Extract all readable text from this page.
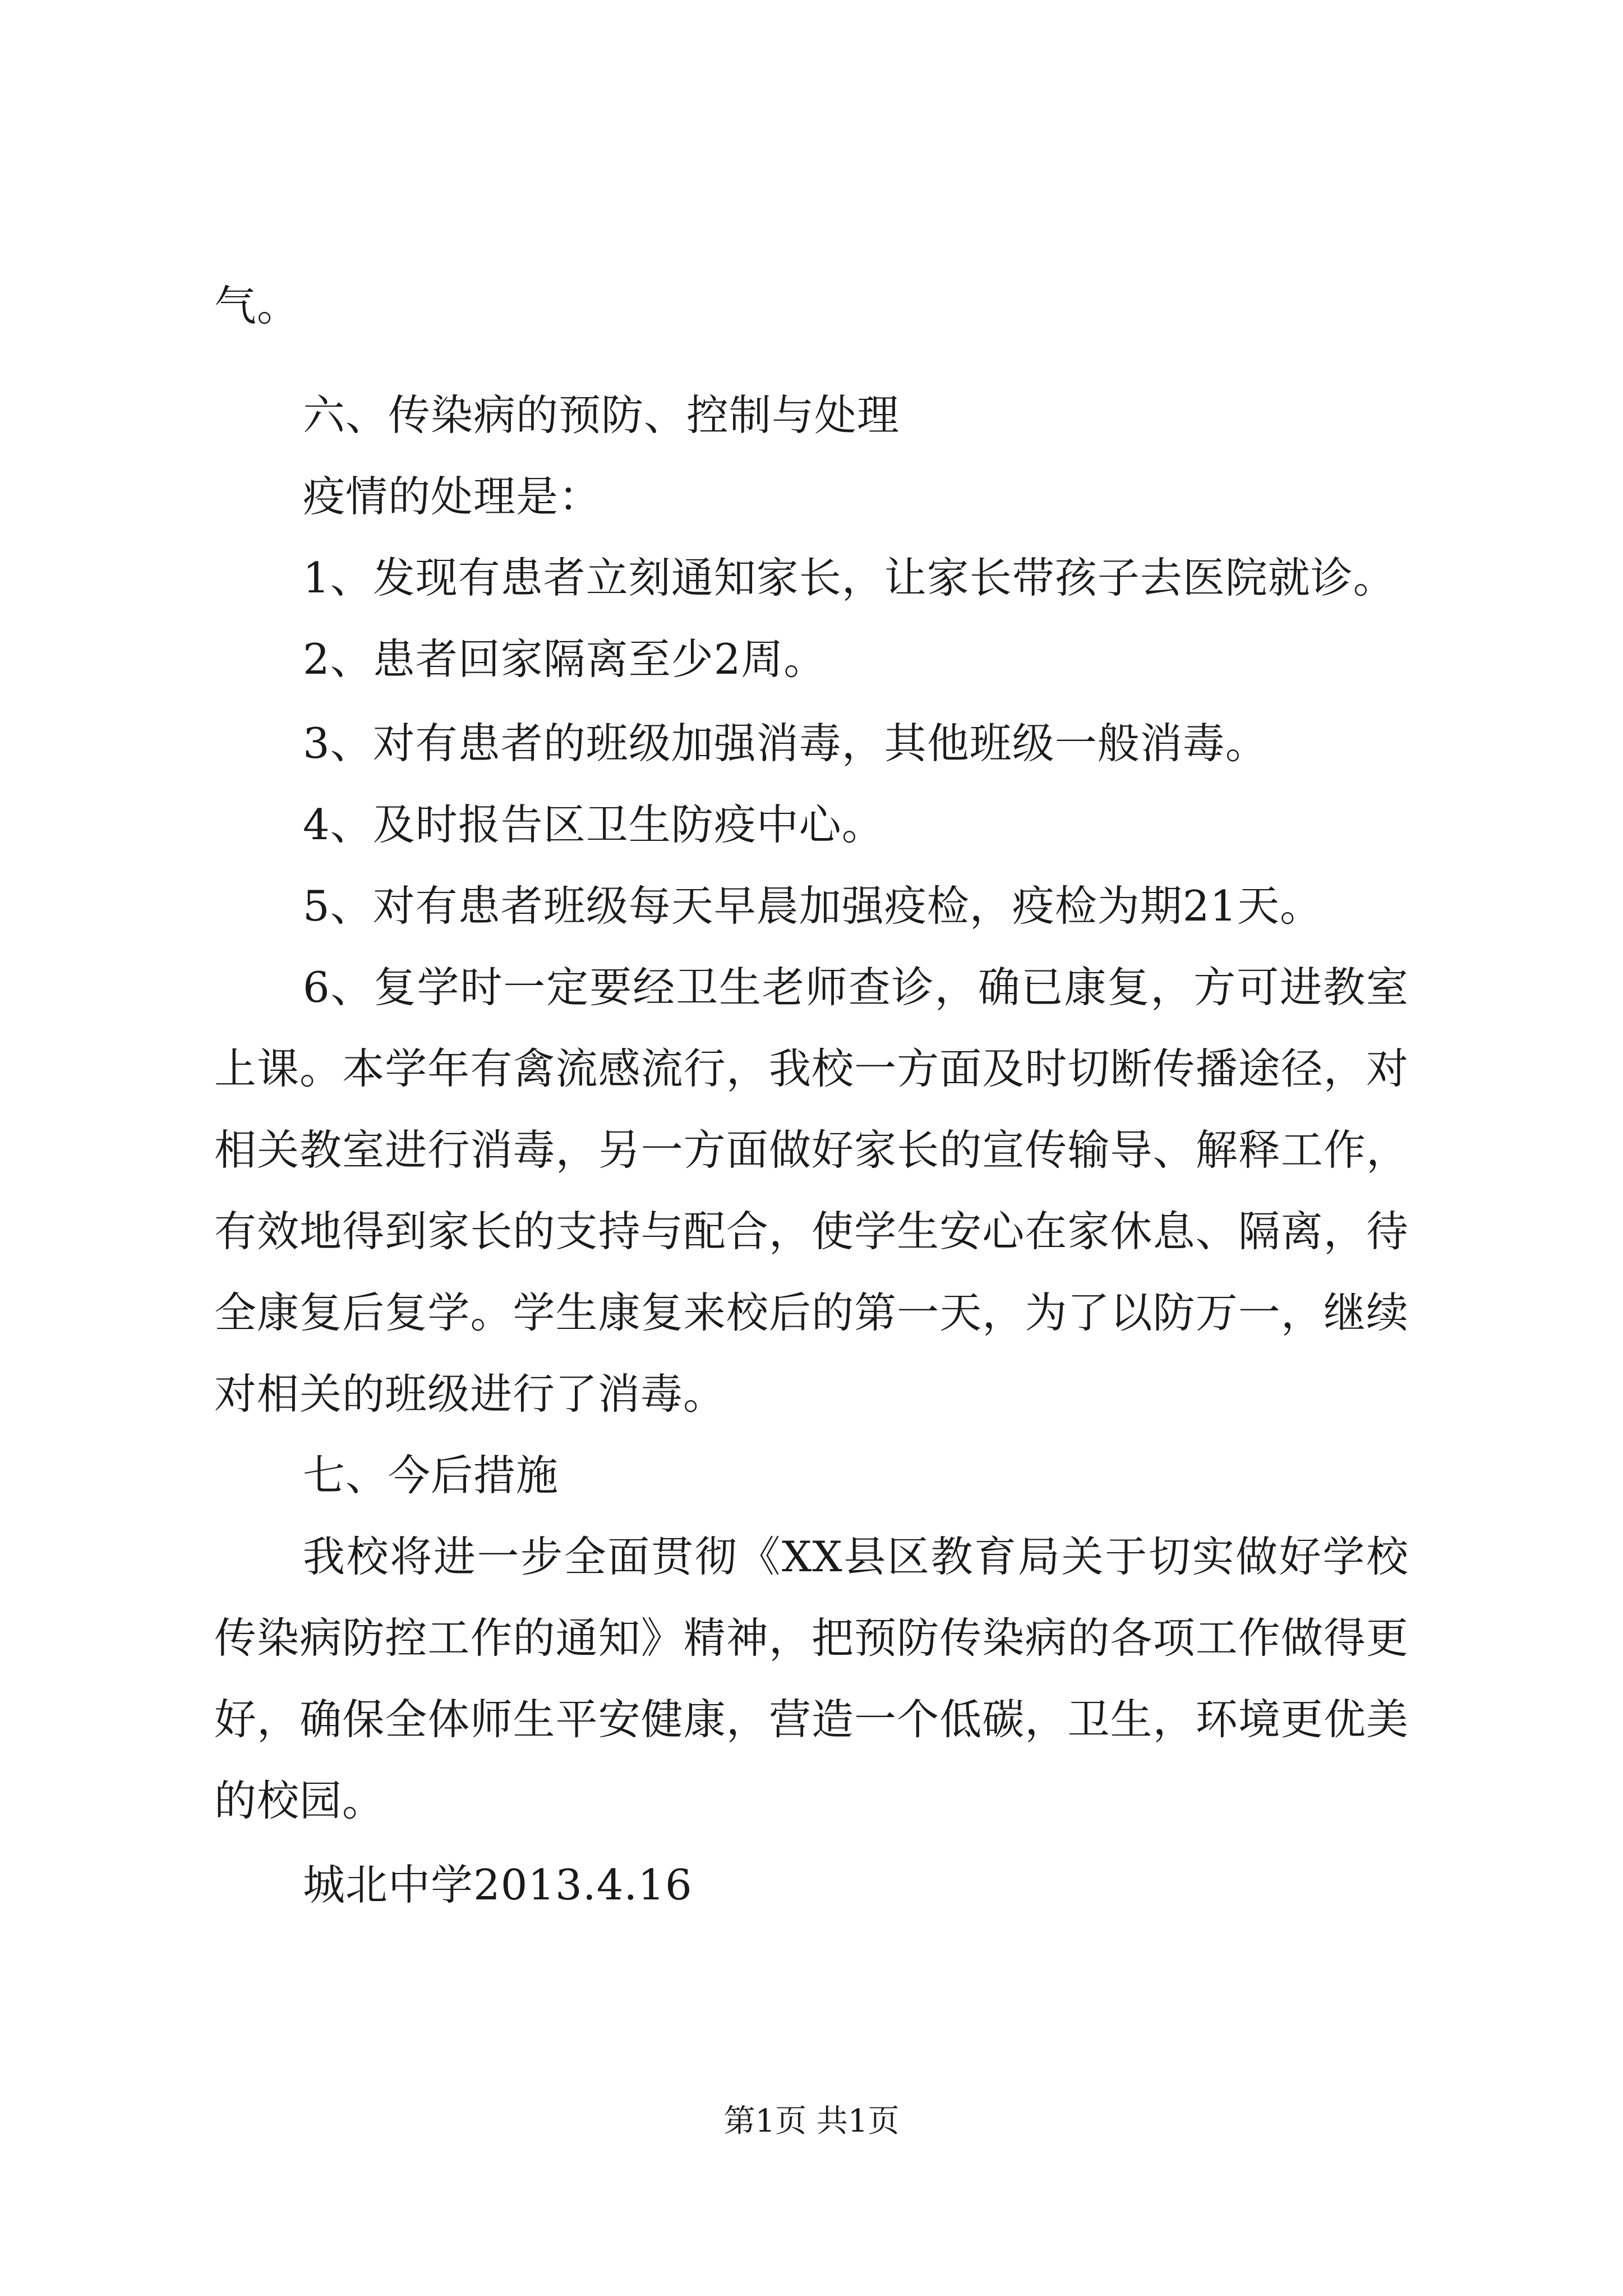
气。
六、传染病的预防、控制与处理
疫情的处理是：
1、发现有患者立刻通知家长，让家长带孩子去医院就诊。
2、患者回家隔离至少2周。
3、对有患者的班级加强消毒，其他班级一般消毒。
4、及时报告区卫生防疫中心。
5、对有患者班级每天早晨加强疫检，疫检为期21天。
6、复学时一定要经卫生老师查诊，确已康复，方可进教室
上课。本学年有禽流感流行，我校一方面及时切断传播途径，对
相关教室进行消毒，另一方面做好家长的宣传输导、解释工作，
有效地得到家长的支持与配合，使学生安心在家休息、隔离，待
全康复后复学。学生康复来校后的第一天，为了以防万一，继续
对相关的班级进行了消毒。
七、今后措施
我校将进一步全面贯彻《XX县区教育局关于切实做好学校
传染病防控工作的通知》精神，把预防传染病的各项工作做得更
好，确保全体师生平安健康，营造一个低碳，卫生，环境更优美
的校园。
城北中学2013.4.16
第1页 共1页
